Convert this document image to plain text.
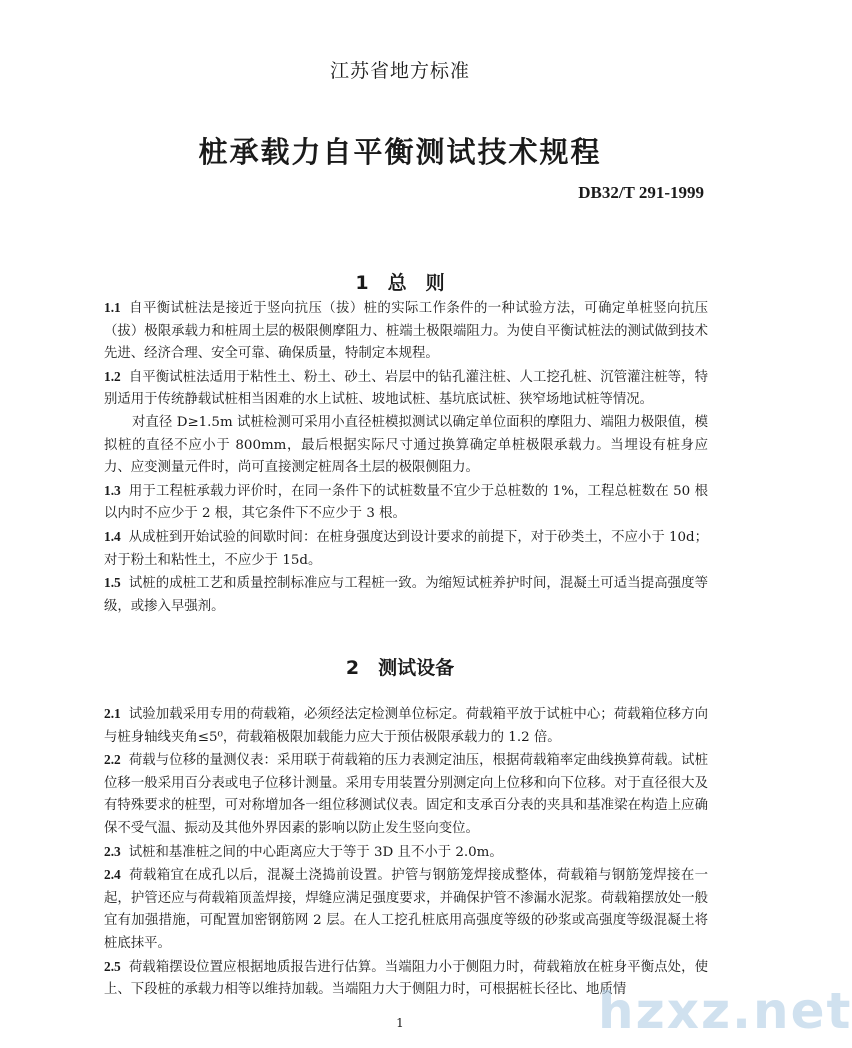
江苏省地方标准
桩承载力自平衡测试技术规程
DB32/T 291-1999
1　总　则

1.1 自平衡试桩法是接近于竖向抗压（拔）桩的实际工作条件的一种试验方法，可确定单桩竖向抗压（拔）极限承载力和桩周土层的极限侧摩阻力、桩端土极限端阻力。为使自平衡试桩法的测试做到技术先进、经济合理、安全可靠、确保质量，特制定本规程。

1.2 自平衡试桩法适用于粘性土、粉土、砂土、岩层中的钻孔灌注桩、人工挖孔桩、沉管灌注桩等，特别适用于传统静载试桩相当困难的水上试桩、坡地试桩、基坑底试桩、狭窄场地试桩等情况。

对直径 D≥1.5m 试桩检测可采用小直径桩模拟测试以确定单位面积的摩阻力、端阻力极限值，模拟桩的直径不应小于 800mm，最后根据实际尺寸通过换算确定单桩极限承载力。当埋设有桩身应力、应变测量元件时，尚可直接测定桩周各土层的极限侧阻力。

1.3 用于工程桩承载力评价时，在同一条件下的试桩数量不宜少于总桩数的 1%，工程总桩数在 50 根以内时不应少于 2 根，其它条件下不应少于 3 根。

1.4 从成桩到开始试验的间歇时间：在桩身强度达到设计要求的前提下，对于砂类土，不应小于 10d；对于粉土和粘性土，不应少于 15d。

1.5 试桩的成桩工艺和质量控制标准应与工程桩一致。为缩短试桩养护时间，混凝土可适当提高强度等级，或掺入早强剂。

2　测试设备

2.1 试验加载采用专用的荷载箱，必须经法定检测单位标定。荷载箱平放于试桩中心；荷载箱位移方向与桩身轴线夹角≤5⁰，荷载箱极限加载能力应大于预估极限承载力的 1.2 倍。

2.2 荷载与位移的量测仪表：采用联于荷载箱的压力表测定油压，根据荷载箱率定曲线换算荷载。试桩位移一般采用百分表或电子位移计测量。采用专用装置分别测定向上位移和向下位移。对于直径很大及有特殊要求的桩型，可对称增加各一组位移测试仪表。固定和支承百分表的夹具和基准梁在构造上应确保不受气温、振动及其他外界因素的影响以防止发生竖向变位。

2.3 试桩和基准桩之间的中心距离应大于等于 3D 且不小于 2.0m。

2.4 荷载箱宜在成孔以后，混凝土浇捣前设置。护管与钢筋笼焊接成整体，荷载箱与钢筋笼焊接在一起，护管还应与荷载箱顶盖焊接，焊缝应满足强度要求，并确保护管不渗漏水泥浆。荷载箱摆放处一般宜有加强措施，可配置加密钢筋网 2 层。在人工挖孔桩底用高强度等级的砂浆或高强度等级混凝土将桩底抹平。

2.5 荷载箱摆设位置应根据地质报告进行估算。当端阻力小于侧阻力时，荷载箱放在桩身平衡点处，使上、下段桩的承载力相等以维持加载。当端阻力大于侧阻力时，可根据桩长径比、地质情

hzxz.net
1
